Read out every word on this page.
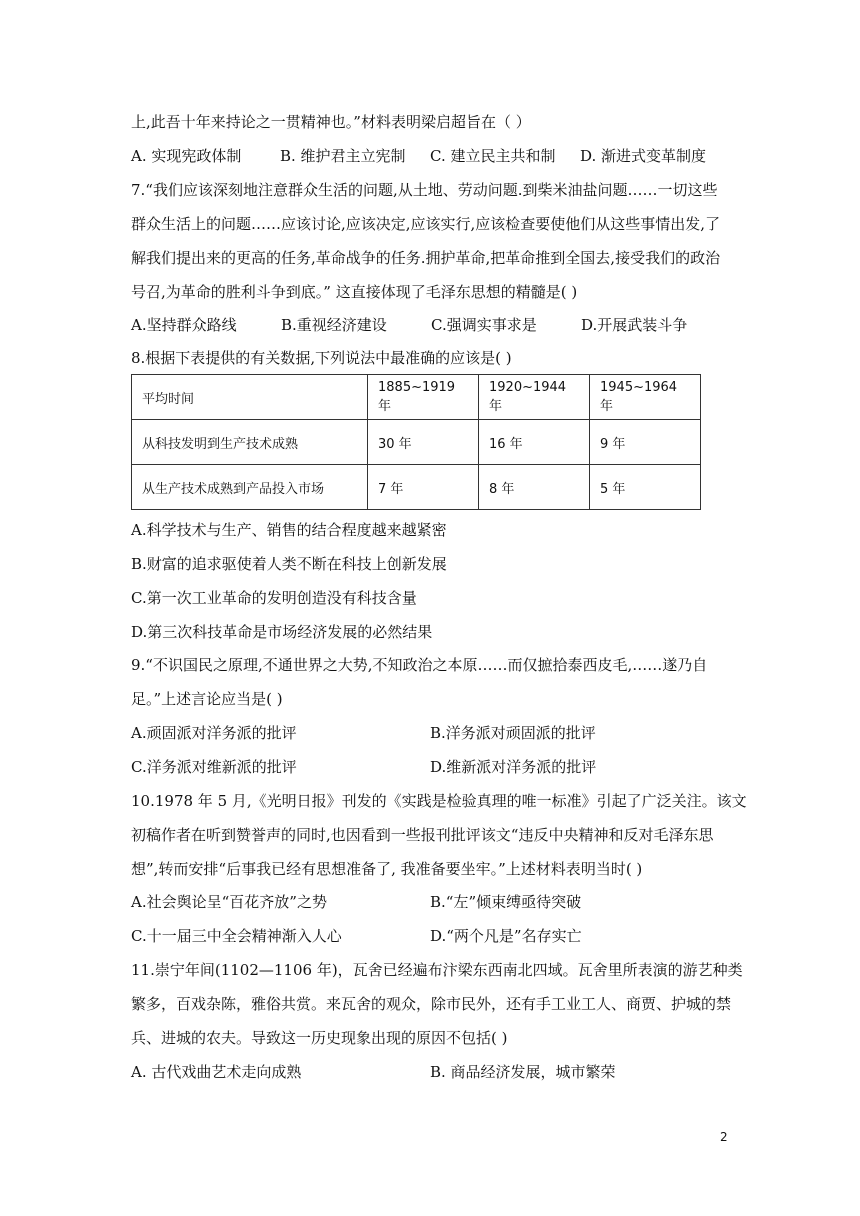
上,此吾十年来持论之一贯精神也。”材料表明梁启超旨在（ ）
A. 实现宪政体制	B. 维护君主立宪制 C. 建立民主共和制 D. 渐进式变革制度
7.“我们应该深刻地注意群众生活的问题,从土地、劳动问题.到柴米油盐问题……一切这些
群众生活上的问题……应该讨论,应该决定,应该实行,应该检查要使他们从这些事情出发,了
解我们提出来的更高的任务,革命战争的任务.拥护革命,把革命推到全国去,接受我们的政治
号召,为革命的胜利斗争到底。” 这直接体现了毛泽东思想的精髓是( )
A.坚持群众路线	B.重视经济建设	C.强调实事求是	D.开展武装斗争
8.根据下表提供的有关数据,下列说法中最准确的应该是( )
平均时间	1885~1919 年	1920~1944 年	1945~1964 年
从科技发明到生产技术成熟	30 年	16 年	9 年
从生产技术成熟到产品投入市场	7 年	8 年	5 年
A.科学技术与生产、销售的结合程度越来越紧密
B.财富的追求驱使着人类不断在科技上创新发展
C.第一次工业革命的发明创造没有科技含量
D.第三次科技革命是市场经济发展的必然结果
9.“不识国民之原理,不通世界之大势,不知政治之本原……而仅摭拾泰西皮毛,……遂乃自
足。”上述言论应当是( )
A.顽固派对洋务派的批评	B.洋务派对顽固派的批评
C.洋务派对维新派的批评	D.维新派对洋务派的批评
10.1978 年 5 月,《光明日报》刊发的《实践是检验真理的唯一标准》引起了广泛关注。该文
初稿作者在听到赞誉声的同时,也因看到一些报刊批评该文“违反中央精神和反对毛泽东思
想”,转而安排“后事我已经有思想准备了, 我准备要坐牢。”上述材料表明当时( )
A.社会舆论呈“百花齐放”之势	B.“左”倾束缚亟待突破
C.十一届三中全会精神渐入人心	D.“两个凡是”名存实亡
11.崇宁年间(1102—1106 年)，瓦舍已经遍布汴梁东西南北四域。瓦舍里所表演的游艺种类
繁多，百戏杂陈，雅俗共赏。来瓦舍的观众，除市民外，还有手工业工人、商贾、护城的禁
兵、进城的农夫。导致这一历史现象出现的原因不包括( )
A. 古代戏曲艺术走向成熟	B. 商品经济发展，城市繁荣
2
